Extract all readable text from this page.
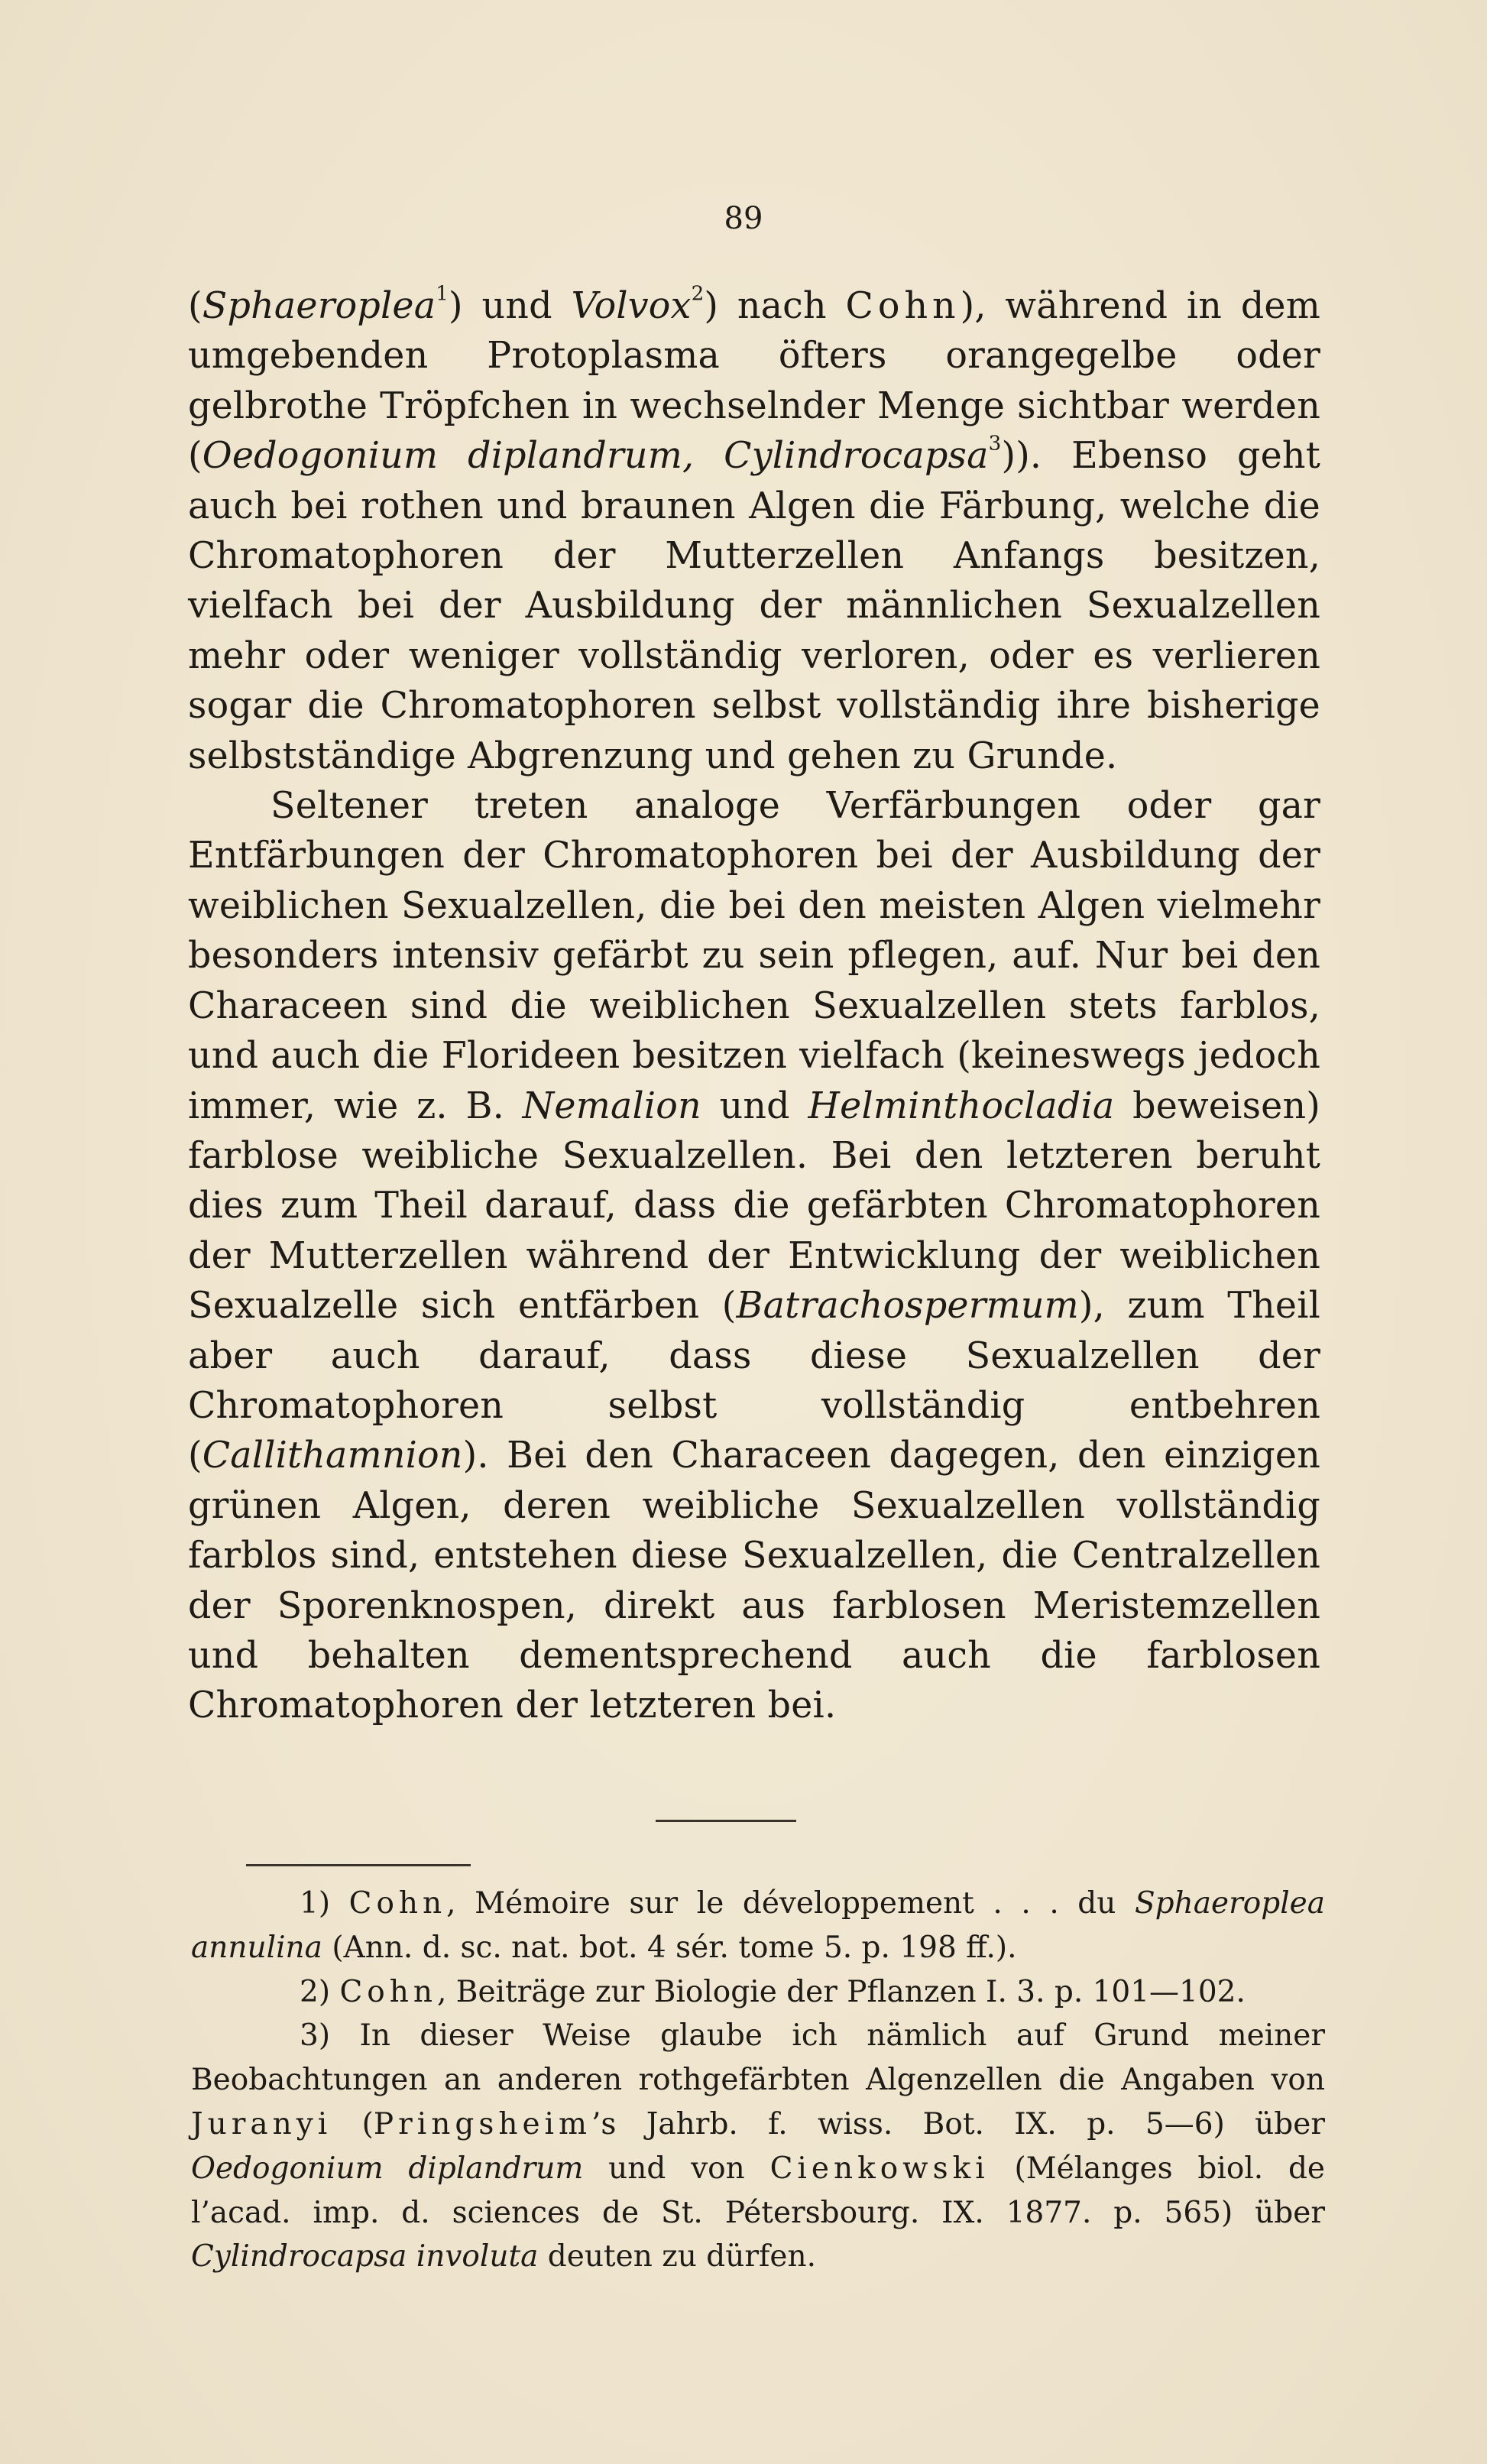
89

(Sphaeroplea$^1$) und Volvox$^2$) nach Cohn), während in dem umgebenden Protoplasma öfters orangegelbe oder gelbrothe Tröpfchen in wechselnder Menge sichtbar werden (Oedogonium diplandrum, Cylindrocapsa$^3$)). Ebenso geht auch bei rothen und braunen Algen die Färbung, welche die Chromatophoren der Mutterzellen Anfangs besitzen, vielfach bei der Ausbildung der männlichen Sexualzellen mehr oder weniger vollständig verloren, oder es verlieren sogar die Chromatophoren selbst vollständig ihre bisherige selbstständige Abgrenzung und gehen zu Grunde.

Seltener treten analoge Verfärbungen oder gar Entfärbungen der Chromatophoren bei der Ausbildung der weiblichen Sexualzellen, die bei den meisten Algen vielmehr besonders intensiv gefärbt zu sein pflegen, auf. Nur bei den Characeen sind die weiblichen Sexualzellen stets farblos, und auch die Florideen besitzen vielfach (keineswegs jedoch immer, wie z. B. Nemalion und Helminthocladia beweisen) farblose weibliche Sexualzellen. Bei den letzteren beruht dies zum Theil darauf, dass die gefärbten Chromatophoren der Mutterzellen während der Entwicklung der weiblichen Sexualzelle sich entfärben (Batrachospermum), zum Theil aber auch darauf, dass diese Sexualzellen der Chromatophoren selbst vollständig entbehren (Callithamnion). Bei den Characeen dagegen, den einzigen grünen Algen, deren weibliche Sexualzellen vollständig farblos sind, entstehen diese Sexualzellen, die Centralzellen der Sporenknospen, direkt aus farblosen Meristemzellen und behalten dementsprechend auch die farblosen Chromatophoren der letzteren bei.

1) Cohn, Mémoire sur le développement . . . du Sphaeroplea annulina (Ann. d. sc. nat. bot. 4 sér. tome 5. p. 198 ff.).

2) Cohn, Beiträge zur Biologie der Pflanzen I. 3. p. 101—102.

3) In dieser Weise glaube ich nämlich auf Grund meiner Beobachtungen an anderen rothgefärbten Algenzellen die Angaben von Juranyi (Pringsheim’s Jahrb. f. wiss. Bot. IX. p. 5—6) über Oedogonium diplandrum und von Cienkowski (Mélanges biol. de l’acad. imp. d. sciences de St. Pétersbourg. IX. 1877. p. 565) über Cylindrocapsa involuta deuten zu dürfen.
